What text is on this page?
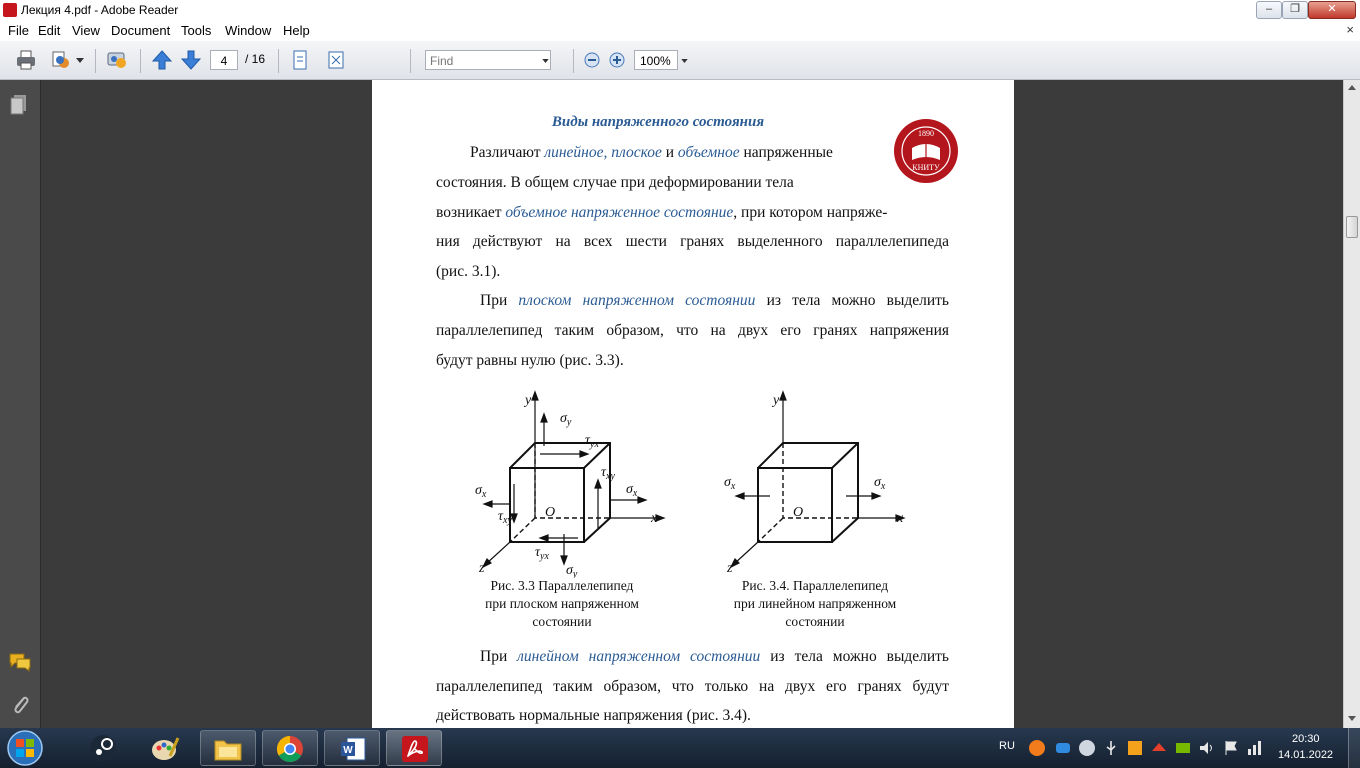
Лекция 4.pdf - Adobe Reader	–	❐	✕
File Edit View Document Tools Window Help	×
4	/ 16	Find	100%
Виды напряженного состояния
1890
КНИТУ
Различают линейное, плоское и объемное напряженные
состояния. В общем случае при деформировании тела
возникает объемное напряженное состояние, при котором напряже-
ния действуют на всех шести гранях выделенного параллелепипеда
(рис. 3.1).
При плоском напряженном состоянии из тела можно выделить
параллелепипед таким образом, что на двух его гранях напряжения
будут равны нулю (рис. 3.3).
y
x
z
O
$\sigma_y$
$\tau_{yx}$
$\tau_{xy}$
$\sigma_x$
$\sigma_x$
$\tau_{xy}$
$\tau_{yx}$
$\sigma_y$
Рис. 3.3 Параллелепипед
при плоском напряженном
состоянии
y
x
z
O
$\sigma_x$	$\sigma_x$
Рис. 3.4. Параллелепипед
при линейном напряженном
состоянии
При линейном напряженном состоянии из тела можно выделить
параллелепипед таким образом, что только на двух его гранях будут
действовать нормальные напряжения (рис. 3.4).
W	RU
20:30
14.01.2022
